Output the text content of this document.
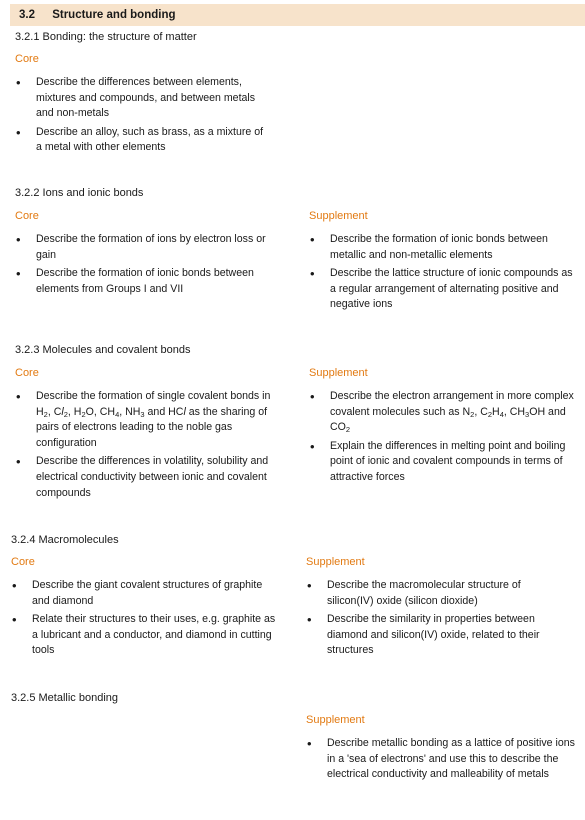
3.2 Structure and bonding
3.2.1 Bonding: the structure of matter
Core
• Describe the differences between elements, mixtures and compounds, and between metals and non-metals
• Describe an alloy, such as brass, as a mixture of a metal with other elements
3.2.2 Ions and ionic bonds
Core	Supplement
• Describe the formation of ions by electron loss or gain
• Describe the formation of ionic bonds between elements from Groups I and VII
• Describe the formation of ionic bonds between metallic and non-metallic elements
• Describe the lattice structure of ionic compounds as a regular arrangement of alternating positive and negative ions
3.2.3 Molecules and covalent bonds
Core	Supplement
• Describe the formation of single covalent bonds in $H_2$, $Cl_2$, $H_2O$, $CH_4$, $NH_3$ and HCl as the sharing of pairs of electrons leading to the noble gas configuration
• Describe the differences in volatility, solubility and electrical conductivity between ionic and covalent compounds
• Describe the electron arrangement in more complex covalent molecules such as $N_2$, $C_2H_4$, $CH_3OH$ and $CO_2$
• Explain the differences in melting point and boiling point of ionic and covalent compounds in terms of attractive forces
3.2.4 Macromolecules
Core	Supplement
• Describe the giant covalent structures of graphite and diamond
• Relate their structures to their uses, e.g. graphite as a lubricant and a conductor, and diamond in cutting tools
• Describe the macromolecular structure of silicon(IV) oxide (silicon dioxide)
• Describe the similarity in properties between diamond and silicon(IV) oxide, related to their structures
3.2.5 Metallic bonding
Supplement
• Describe metallic bonding as a lattice of positive ions in a 'sea of electrons' and use this to describe the electrical conductivity and malleability of metals
